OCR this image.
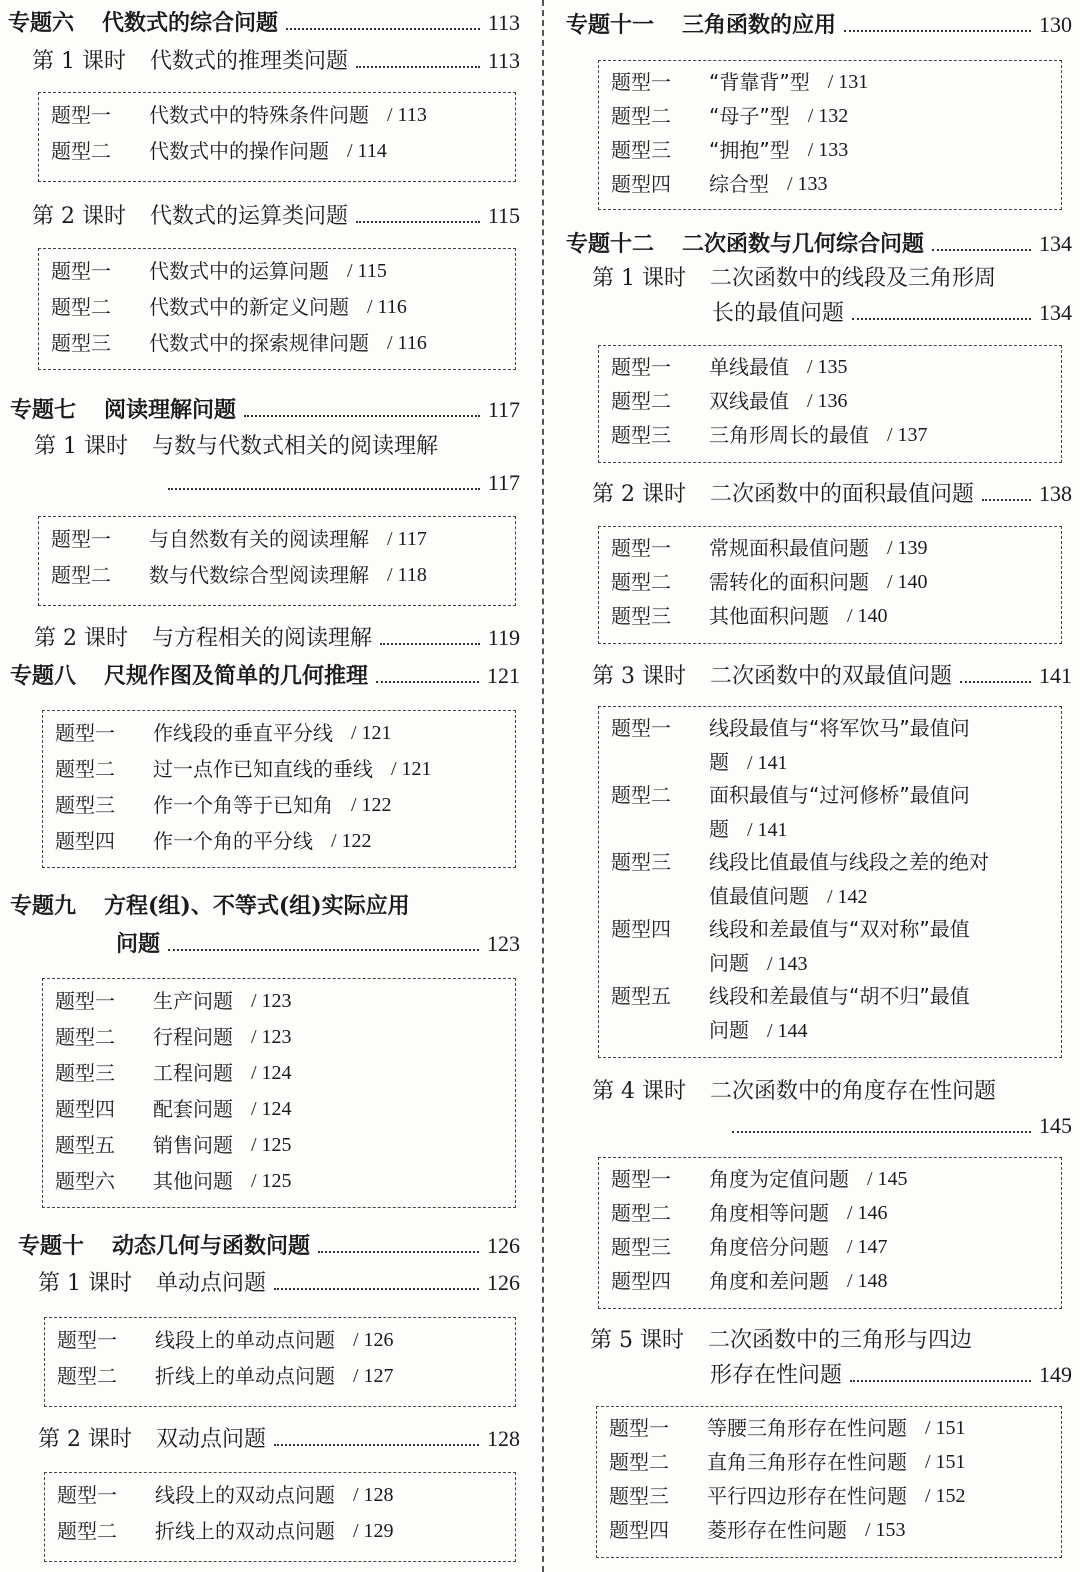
专题六 代数式的综合问题	113
第 1 课时 代数式的推理类问题	113
题型一	代数式中的特殊条件问题 / 113
题型二	代数式中的操作问题 / 114
第 2 课时 代数式的运算类问题	115
题型一	代数式中的运算问题 / 115
题型二	代数式中的新定义问题 / 116
题型三	代数式中的探索规律问题 / 116
专题七 阅读理解问题	117
第 1 课时 与数与代数式相关的阅读理解
117
题型一	与自然数有关的阅读理解 / 117
题型二	数与代数综合型阅读理解 / 118
第 2 课时 与方程相关的阅读理解	119
专题八 尺规作图及简单的几何推理	121
题型一	作线段的垂直平分线 / 121
题型二	过一点作已知直线的垂线 / 121
题型三	作一个角等于已知角 / 122
题型四	作一个角的平分线 / 122
专题九 方程(组)、不等式(组)实际应用
问题	123
题型一	生产问题 / 123
题型二	行程问题 / 123
题型三	工程问题 / 124
题型四	配套问题 / 124
题型五	销售问题 / 125
题型六	其他问题 / 125
专题十 动态几何与函数问题	126
第 1 课时 单动点问题	126
题型一	线段上的单动点问题 / 126
题型二	折线上的单动点问题 / 127
第 2 课时 双动点问题	128
题型一	线段上的双动点问题 / 128
题型二	折线上的双动点问题 / 129
专题十一 三角函数的应用	130
题型一	“背靠背”型 / 131
题型二	“母子”型 / 132
题型三	“拥抱”型 / 133
题型四	综合型 / 133
专题十二 二次函数与几何综合问题	134
第 1 课时 二次函数中的线段及三角形周
长的最值问题	134
题型一	单线最值 / 135
题型二	双线最值 / 136
题型三	三角形周长的最值 / 137
第 2 课时 二次函数中的面积最值问题	138
题型一	常规面积最值问题 / 139
题型二	需转化的面积问题 / 140
题型三	其他面积问题 / 140
第 3 课时 二次函数中的双最值问题	141
题型一	线段最值与“将军饮马”最值问
题 / 141
题型二	面积最值与“过河修桥”最值问
题 / 141
题型三	线段比值最值与线段之差的绝对
值最值问题 / 142
题型四	线段和差最值与“双对称”最值
问题 / 143
题型五	线段和差最值与“胡不归”最值
问题 / 144
第 4 课时 二次函数中的角度存在性问题
145
题型一	角度为定值问题 / 145
题型二	角度相等问题 / 146
题型三	角度倍分问题 / 147
题型四	角度和差问题 / 148
第 5 课时 二次函数中的三角形与四边
形存在性问题	149
题型一	等腰三角形存在性问题 / 151
题型二	直角三角形存在性问题 / 151
题型三	平行四边形存在性问题 / 152
题型四	菱形存在性问题 / 153
